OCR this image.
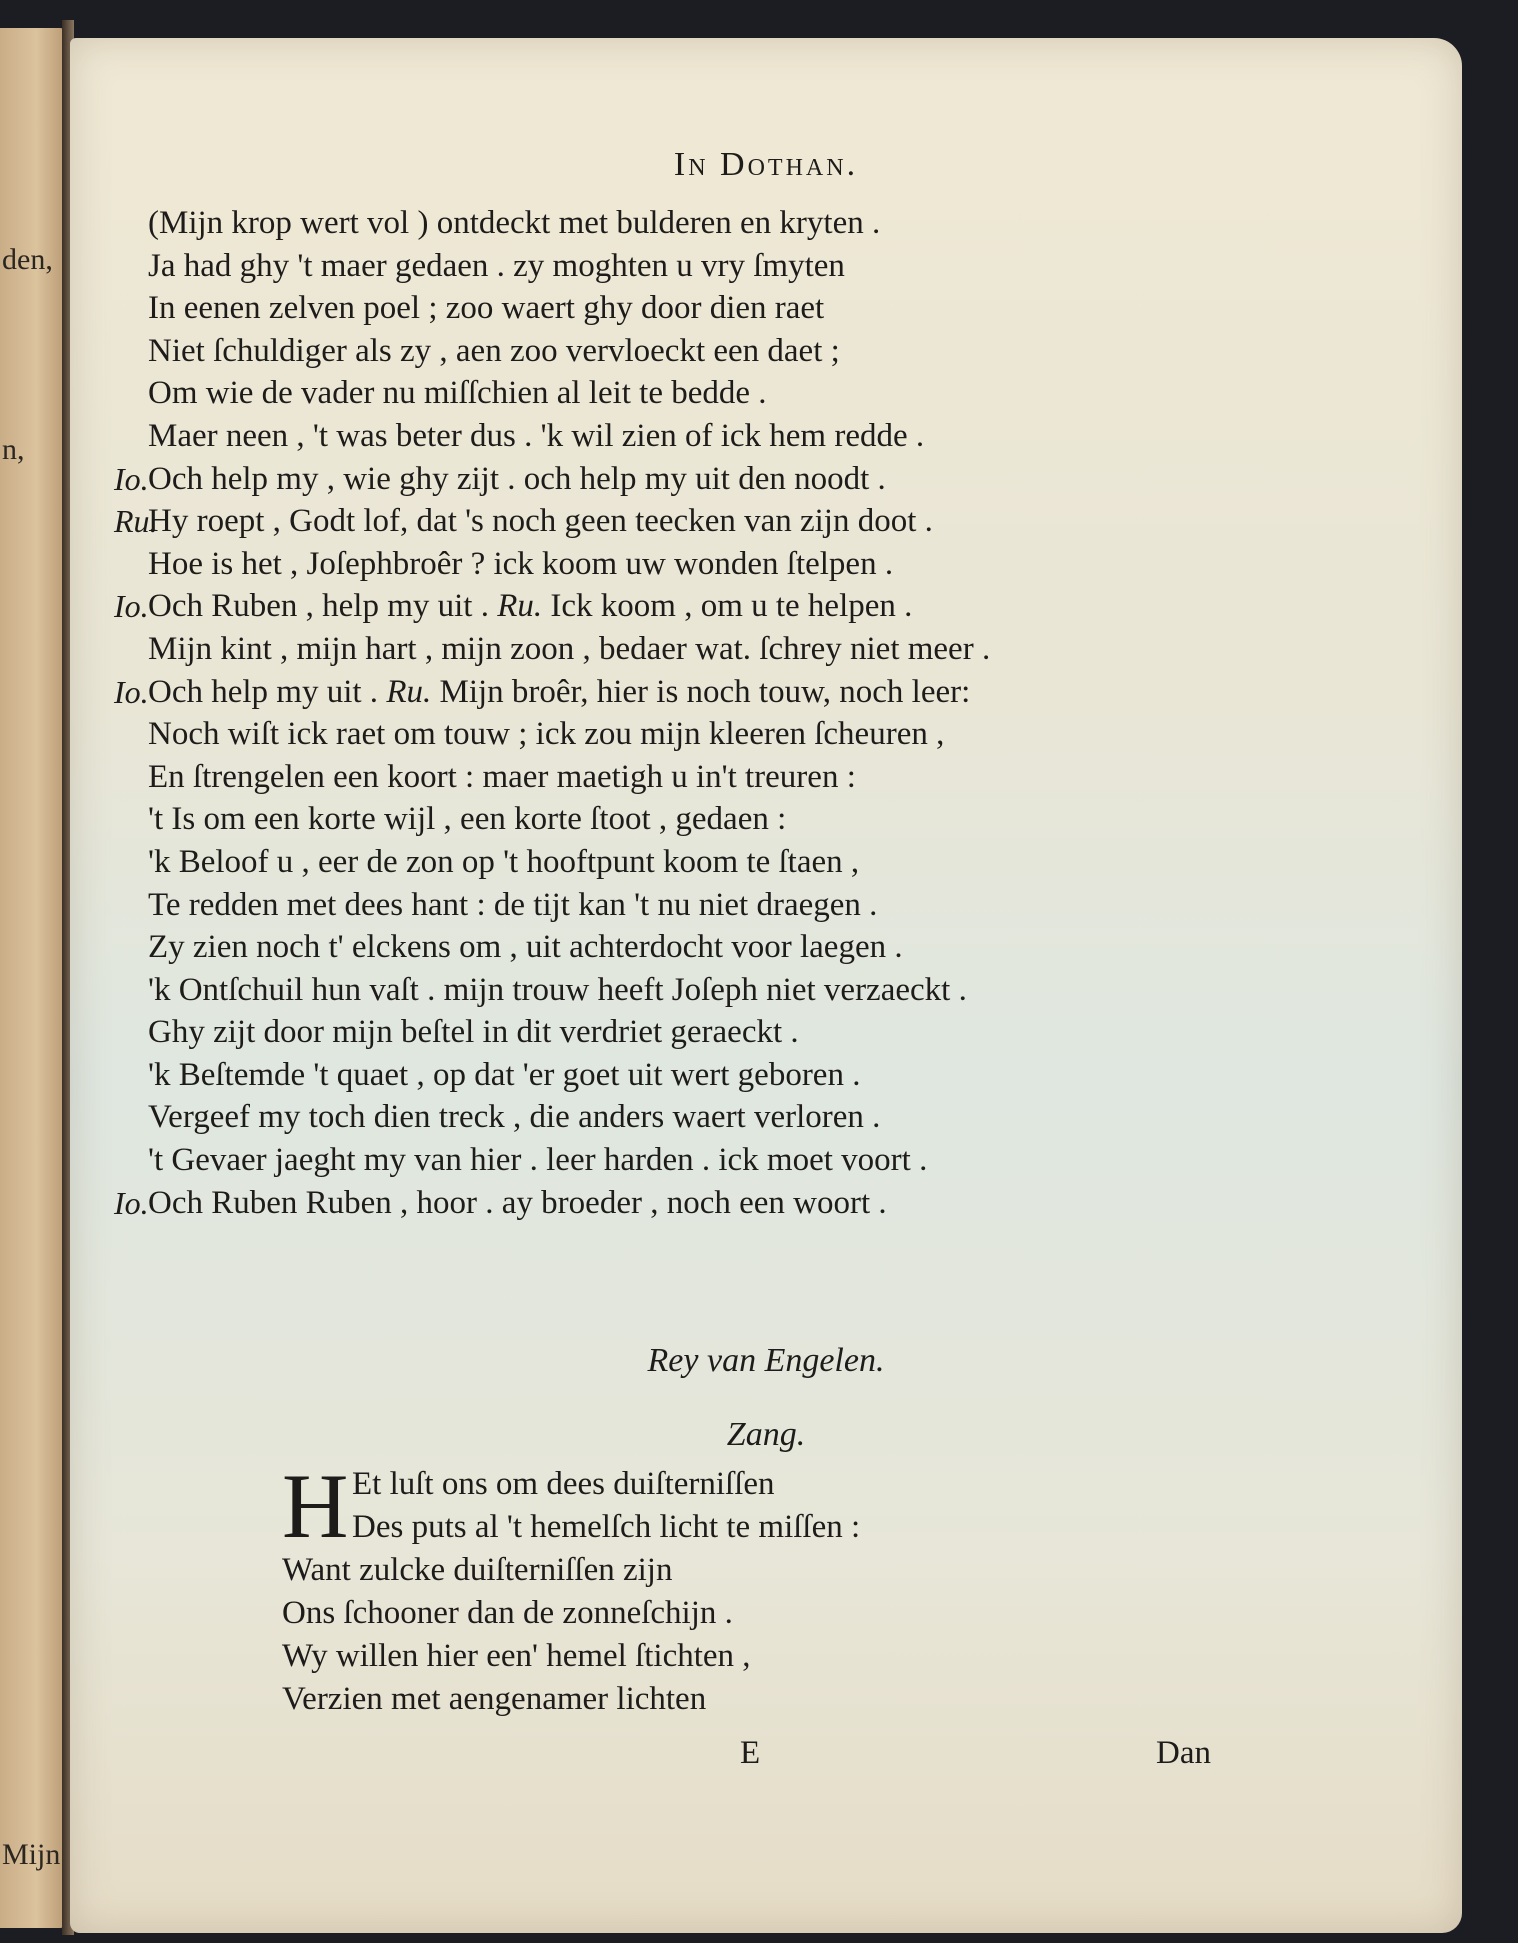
den,
n,
Mijn
In Dothan.
(Mijn krop wert vol ) ontdeckt met bulderen en kryten .
Ja had ghy 't maer gedaen . zy moghten u vry ſmyten
In eenen zelven poel ; zoo waert ghy door dien raet
Niet ſchuldiger als zy , aen zoo vervloeckt een daet ;
Om wie de vader nu miſſchien al leit te bedde .
Maer neen , 't was beter dus . 'k wil zien of ick hem redde .
Io. Och help my , wie ghy zijt . och help my uit den noodt .
Ru.
Hy roept , Godt lof, dat 's noch geen teecken van zijn doot .
Hoe is het , Joſephbroêr ? ick koom uw wonden ſtelpen .
Io. Och Ruben , help my uit . Ru. Ick koom , om u te helpen .
Mijn kint , mijn hart , mijn zoon , bedaer wat. ſchrey niet meer .
Io. Och help my uit . Ru. Mijn broêr, hier is noch touw, noch leer:
Noch wiſt ick raet om touw ; ick zou mijn kleeren ſcheuren ,
En ſtrengelen een koort : maer maetigh u in't treuren :
't Is om een korte wijl , een korte ſtoot , gedaen :
'k Beloof u , eer de zon op 't hooftpunt koom te ſtaen ,
Te redden met dees hant : de tijt kan 't nu niet draegen .
Zy zien noch t' elckens om , uit achterdocht voor laegen .
'k Ontſchuil hun vaſt . mijn trouw heeft Joſeph niet verzaeckt .
Ghy zijt door mijn beſtel in dit verdriet geraeckt .
'k Beſtemde 't quaet , op dat 'er goet uit wert geboren .
Vergeef my toch dien treck , die anders waert verloren .
't Gevaer jaeght my van hier . leer harden . ick moet voort .
Io. Och Ruben Ruben , hoor . ay broeder , noch een woort .
Rey van Engelen.
Zang.
H Et luſt ons om dees duiſterniſſen
Des puts al 't hemelſch licht te miſſen :
Want zulcke duiſterniſſen zijn
Ons ſchooner dan de zonneſchijn .
Wy willen hier een' hemel ſtichten ,
Verzien met aengenamer lichten
E	Dan
